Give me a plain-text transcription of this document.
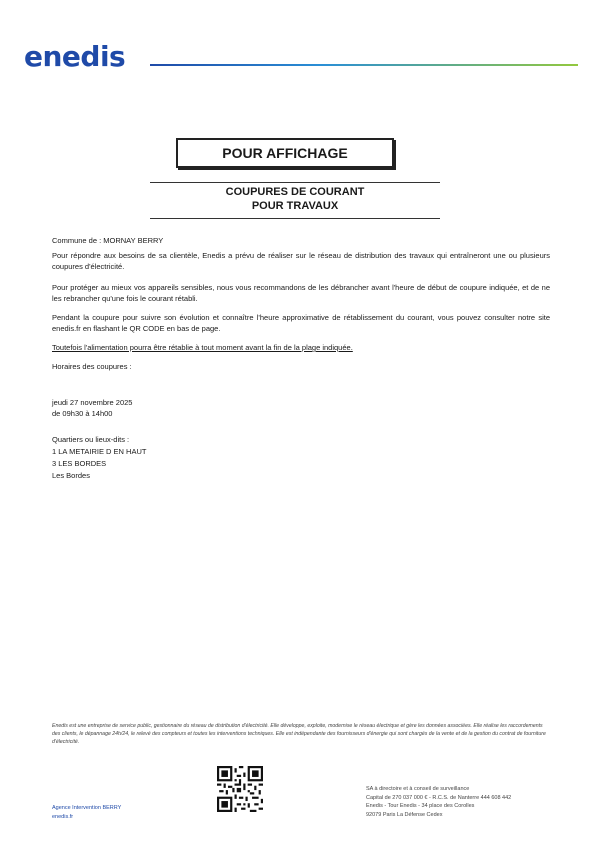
enedis
POUR AFFICHAGE
COUPURES DE COURANT
POUR TRAVAUX
Commune de : MORNAY BERRY
Pour répondre aux besoins de sa clientèle, Enedis a prévu de réaliser sur le réseau de distribution des travaux qui entraîneront une ou plusieurs coupures d'électricité.
Pour protéger au mieux vos appareils sensibles, nous vous recommandons de les débrancher avant l'heure de début de coupure indiquée, et de ne les rebrancher qu'une fois le courant rétabli.
Pendant la coupure pour suivre son évolution et connaître l'heure approximative de rétablissement du courant, vous pouvez consulter notre site enedis.fr en flashant le QR CODE en bas de page.
Toutefois l'alimentation pourra être rétablie à tout moment avant la fin de la plage indiquée.
Horaires des coupures :
jeudi 27 novembre 2025
de 09h30 à 14h00
Quartiers ou lieux-dits :
1 LA METAIRIE D EN HAUT
3 LES BORDES
Les Bordes
Enedis est une entreprise de service public, gestionnaire du réseau de distribution d'électricité. Elle développe, exploite, modernise le réseau électrique et gère les données associées. Elle réalise les raccordements des clients, le dépannage 24h/24, le relevé des compteurs et toutes les interventions techniques. Elle est indépendante des fournisseurs d'énergie qui sont chargés de la vente et de la gestion du contrat de fourniture d'électricité.
Agence Intervention BERRY
enedis.fr
SA à directoire et à conseil de surveillance
Capital de 270 037 000 € - R.C.S. de Nanterre 444 608 442
Enedis - Tour Enedis - 34 place des Corolles
92079 Paris La Défense Cedex
